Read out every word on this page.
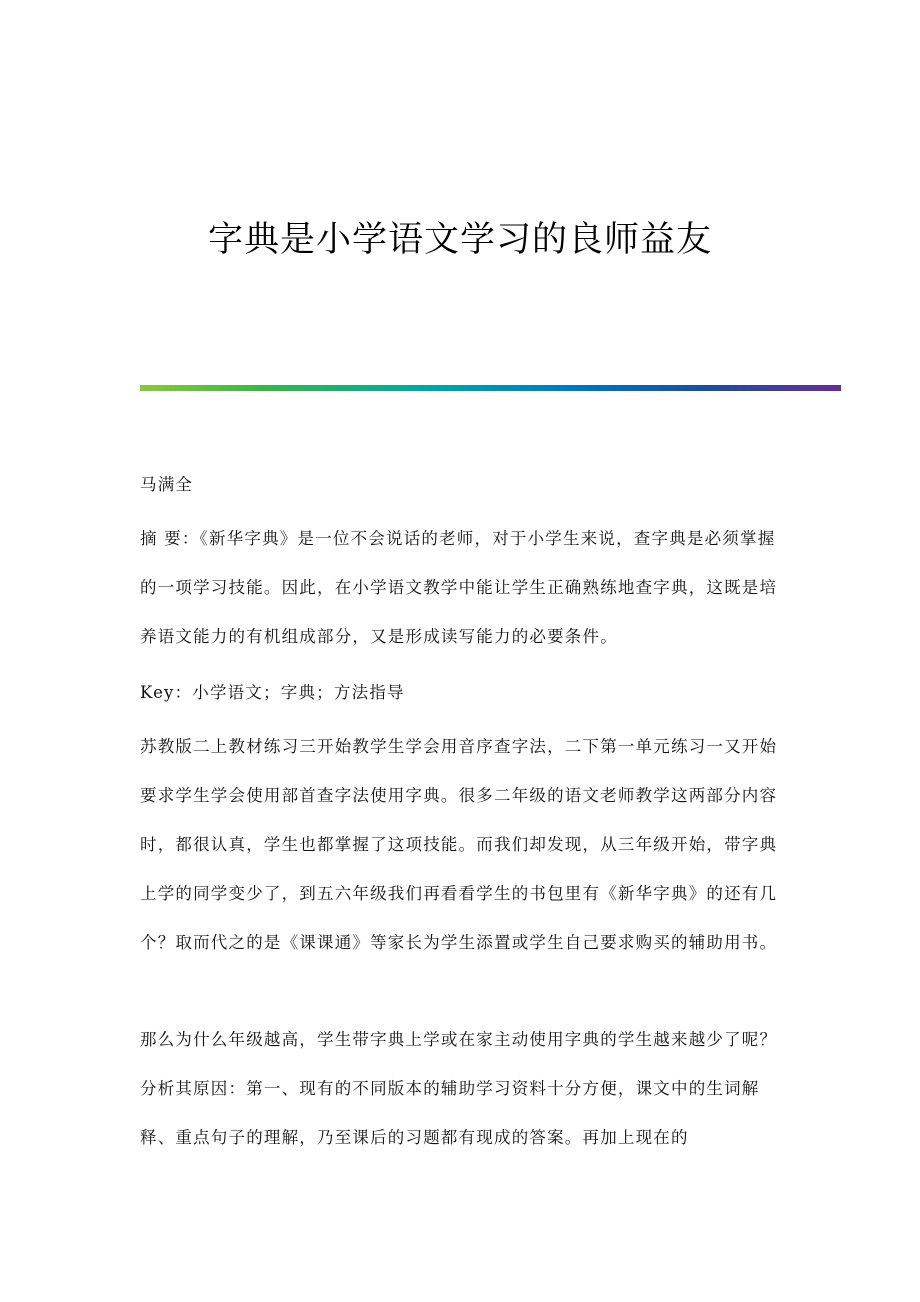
字典是小学语文学习的良师益友

马满全

摘 要：《新华字典》是一位不会说话的老师，对于小学生来说，查字典是必须掌握的一项学习技能。因此，在小学语文教学中能让学生正确熟练地查字典，这既是培养语文能力的有机组成部分，又是形成读写能力的必要条件。

Key：小学语文；字典；方法指导

苏教版二上教材练习三开始教学生学会用音序查字法，二下第一单元练习一又开始要求学生学会使用部首查字法使用字典。很多二年级的语文老师教学这两部分内容时，都很认真，学生也都掌握了这项技能。而我们却发现，从三年级开始，带字典上学的同学变少了，到五六年级我们再看看学生的书包里有《新华字典》的还有几个？取而代之的是《课课通》等家长为学生添置或学生自己要求购买的辅助用书。

那么为什么年级越高，学生带字典上学或在家主动使用字典的学生越来越少了呢？分析其原因：第一、现有的不同版本的辅助学习资料十分方便，课文中的生词解释、重点句子的理解，乃至课后的习题都有现成的答案。再加上现在的
